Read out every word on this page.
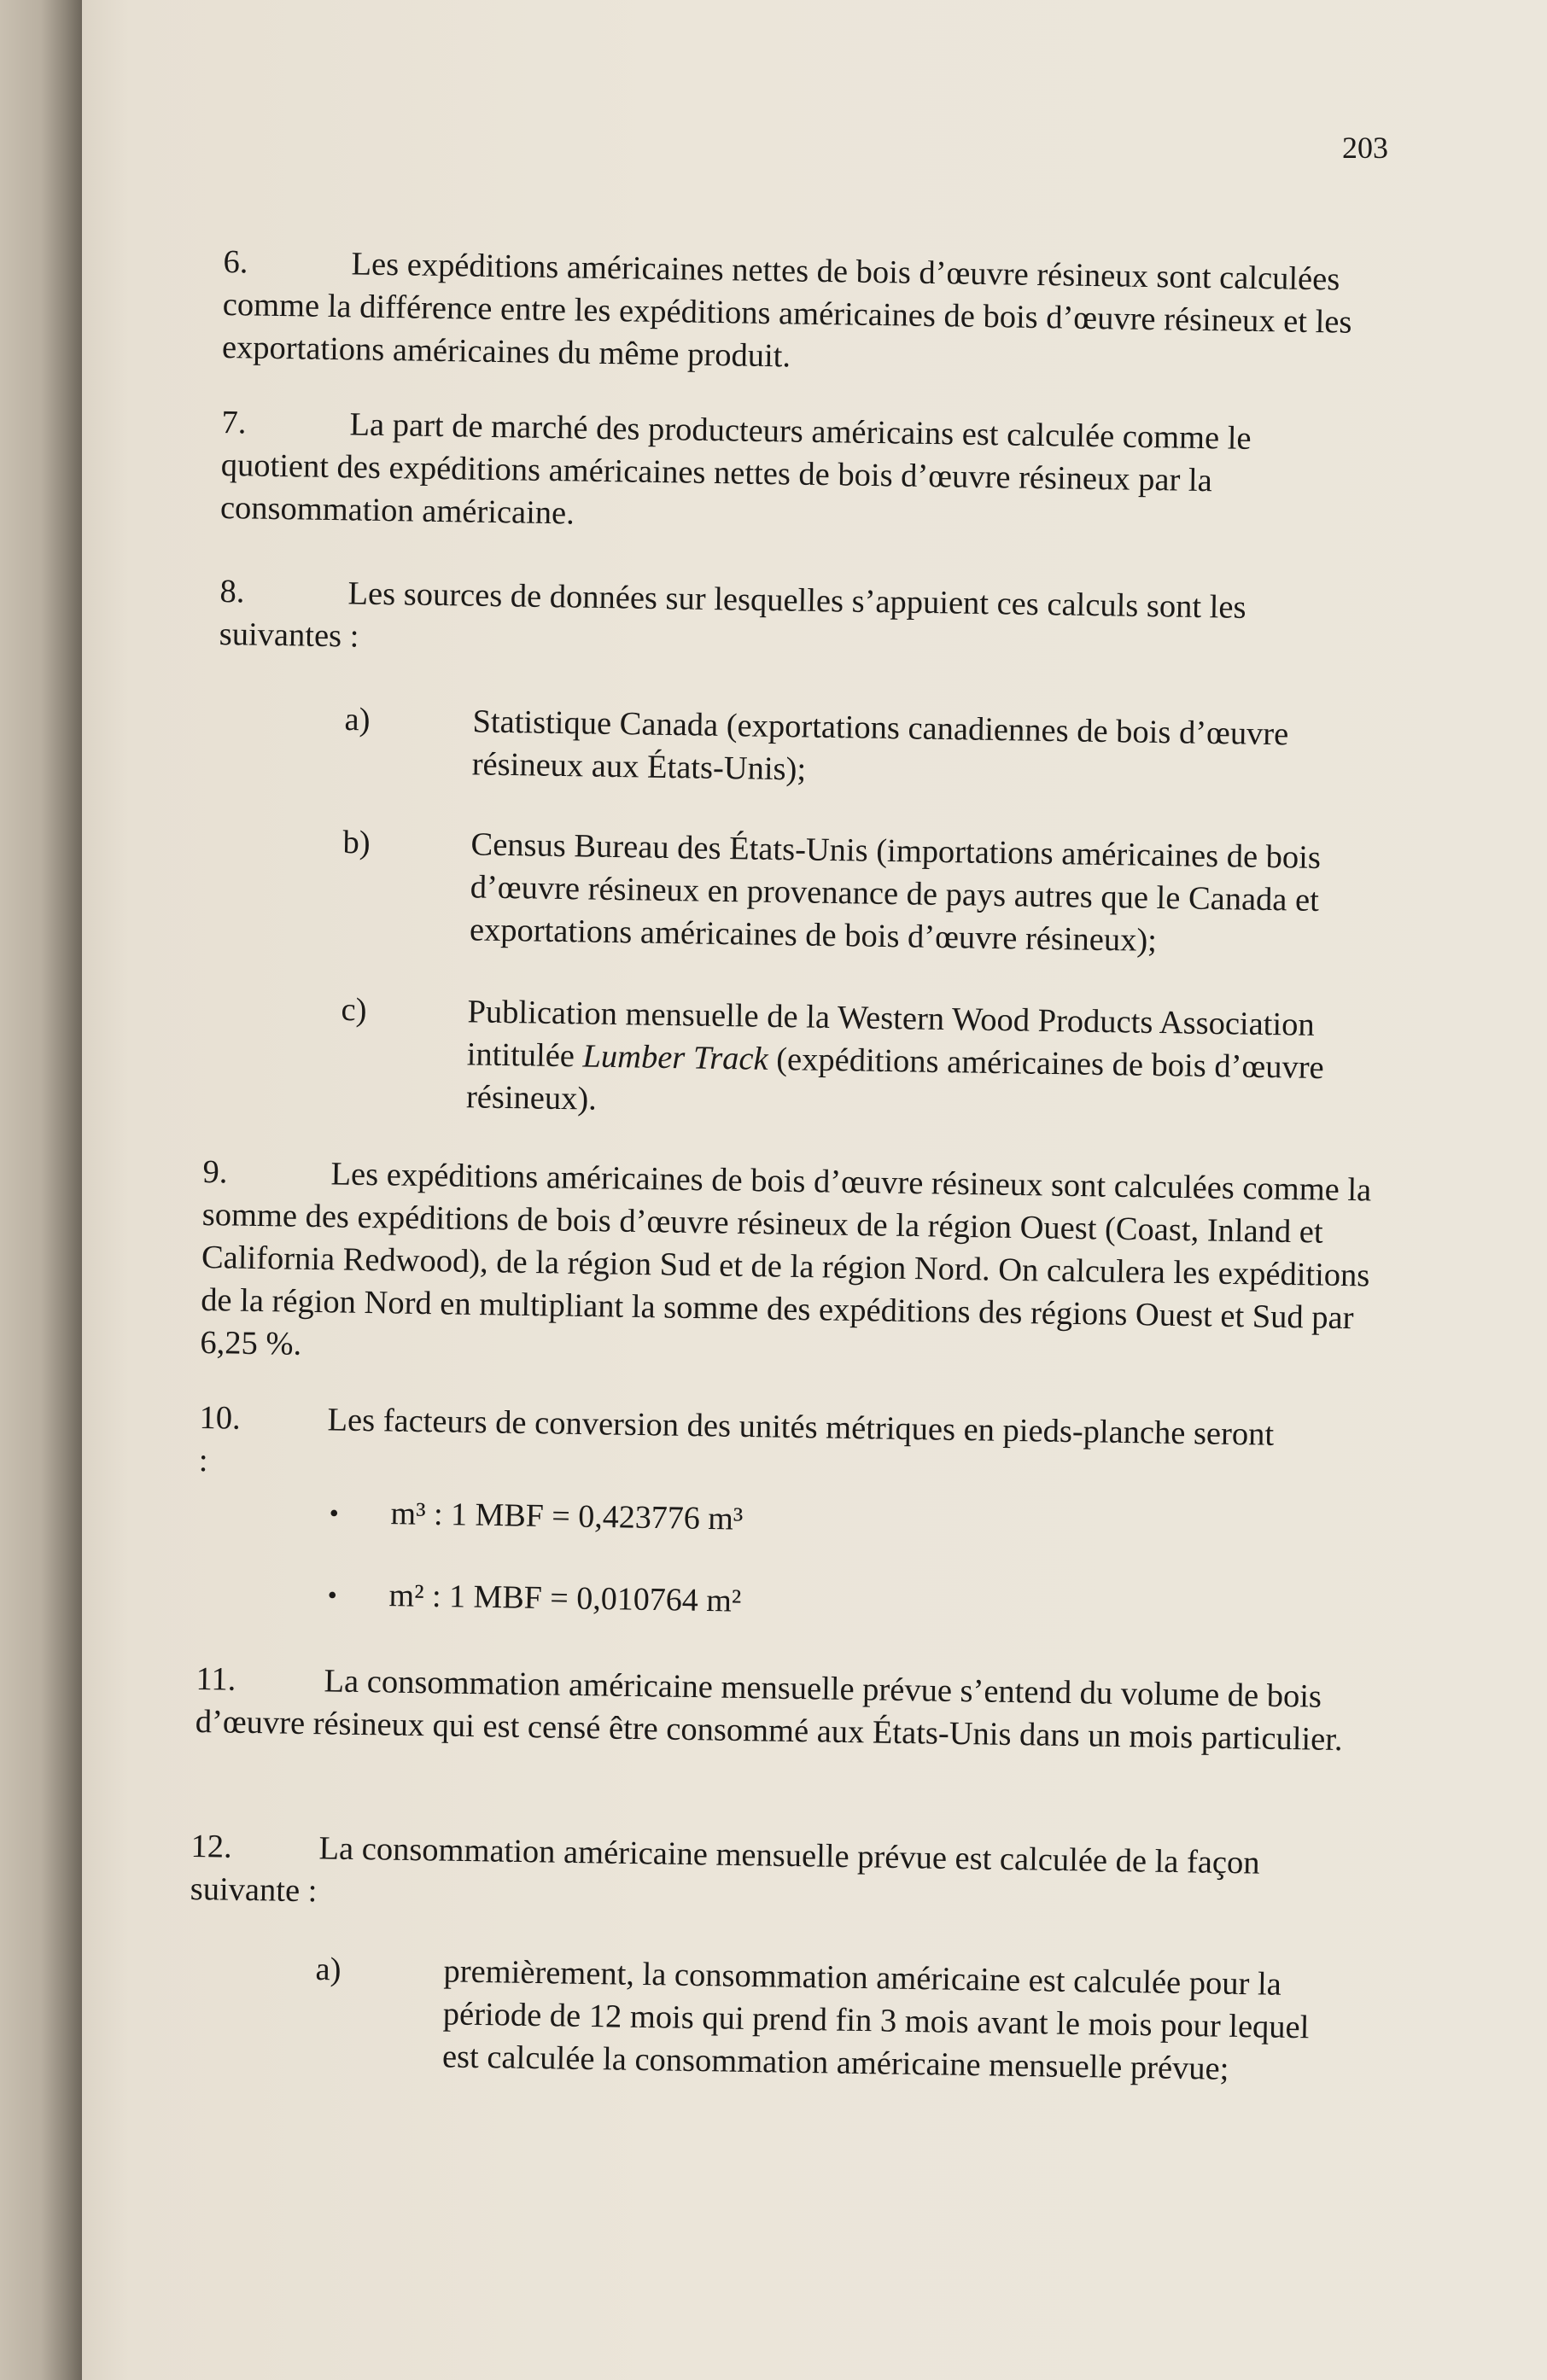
203

6.	Les expéditions américaines nettes de bois d’œuvre résineux sont calculées comme la différence entre les expéditions américaines de bois d’œuvre résineux et les exportations américaines du même produit.

7.	La part de marché des producteurs américains est calculée comme le quotient des expéditions américaines nettes de bois d’œuvre résineux par la consommation américaine.

8.	Les sources de données sur lesquelles s’appuient ces calculs sont les suivantes :

a)	Statistique Canada (exportations canadiennes de bois d’œuvre résineux aux États-Unis);
b)	Census Bureau des États-Unis (importations américaines de bois d’œuvre résineux en provenance de pays autres que le Canada et exportations américaines de bois d’œuvre résineux);
c)	Publication mensuelle de la Western Wood Products Association intitulée Lumber Track (expéditions américaines de bois d’œuvre résineux).

9.	Les expéditions américaines de bois d’œuvre résineux sont calculées comme la somme des expéditions de bois d’œuvre résineux de la région Ouest (Coast, Inland et California Redwood), de la région Sud et de la région Nord. On calculera les expéditions de la région Nord en multipliant la somme des expéditions des régions Ouest et Sud par 6,25 %.

10.	Les facteurs de conversion des unités métriques en pieds-planche seront :

• m³ : 1 MBF = 0,423776 m³
• m² : 1 MBF = 0,010764 m²

11.	La consommation américaine mensuelle prévue s’entend du volume de bois d’œuvre résineux qui est censé être consommé aux États-Unis dans un mois particulier.

12.	La consommation américaine mensuelle prévue est calculée de la façon suivante :

a)	premièrement, la consommation américaine est calculée pour la période de 12 mois qui prend fin 3 mois avant le mois pour lequel est calculée la consommation américaine mensuelle prévue;
